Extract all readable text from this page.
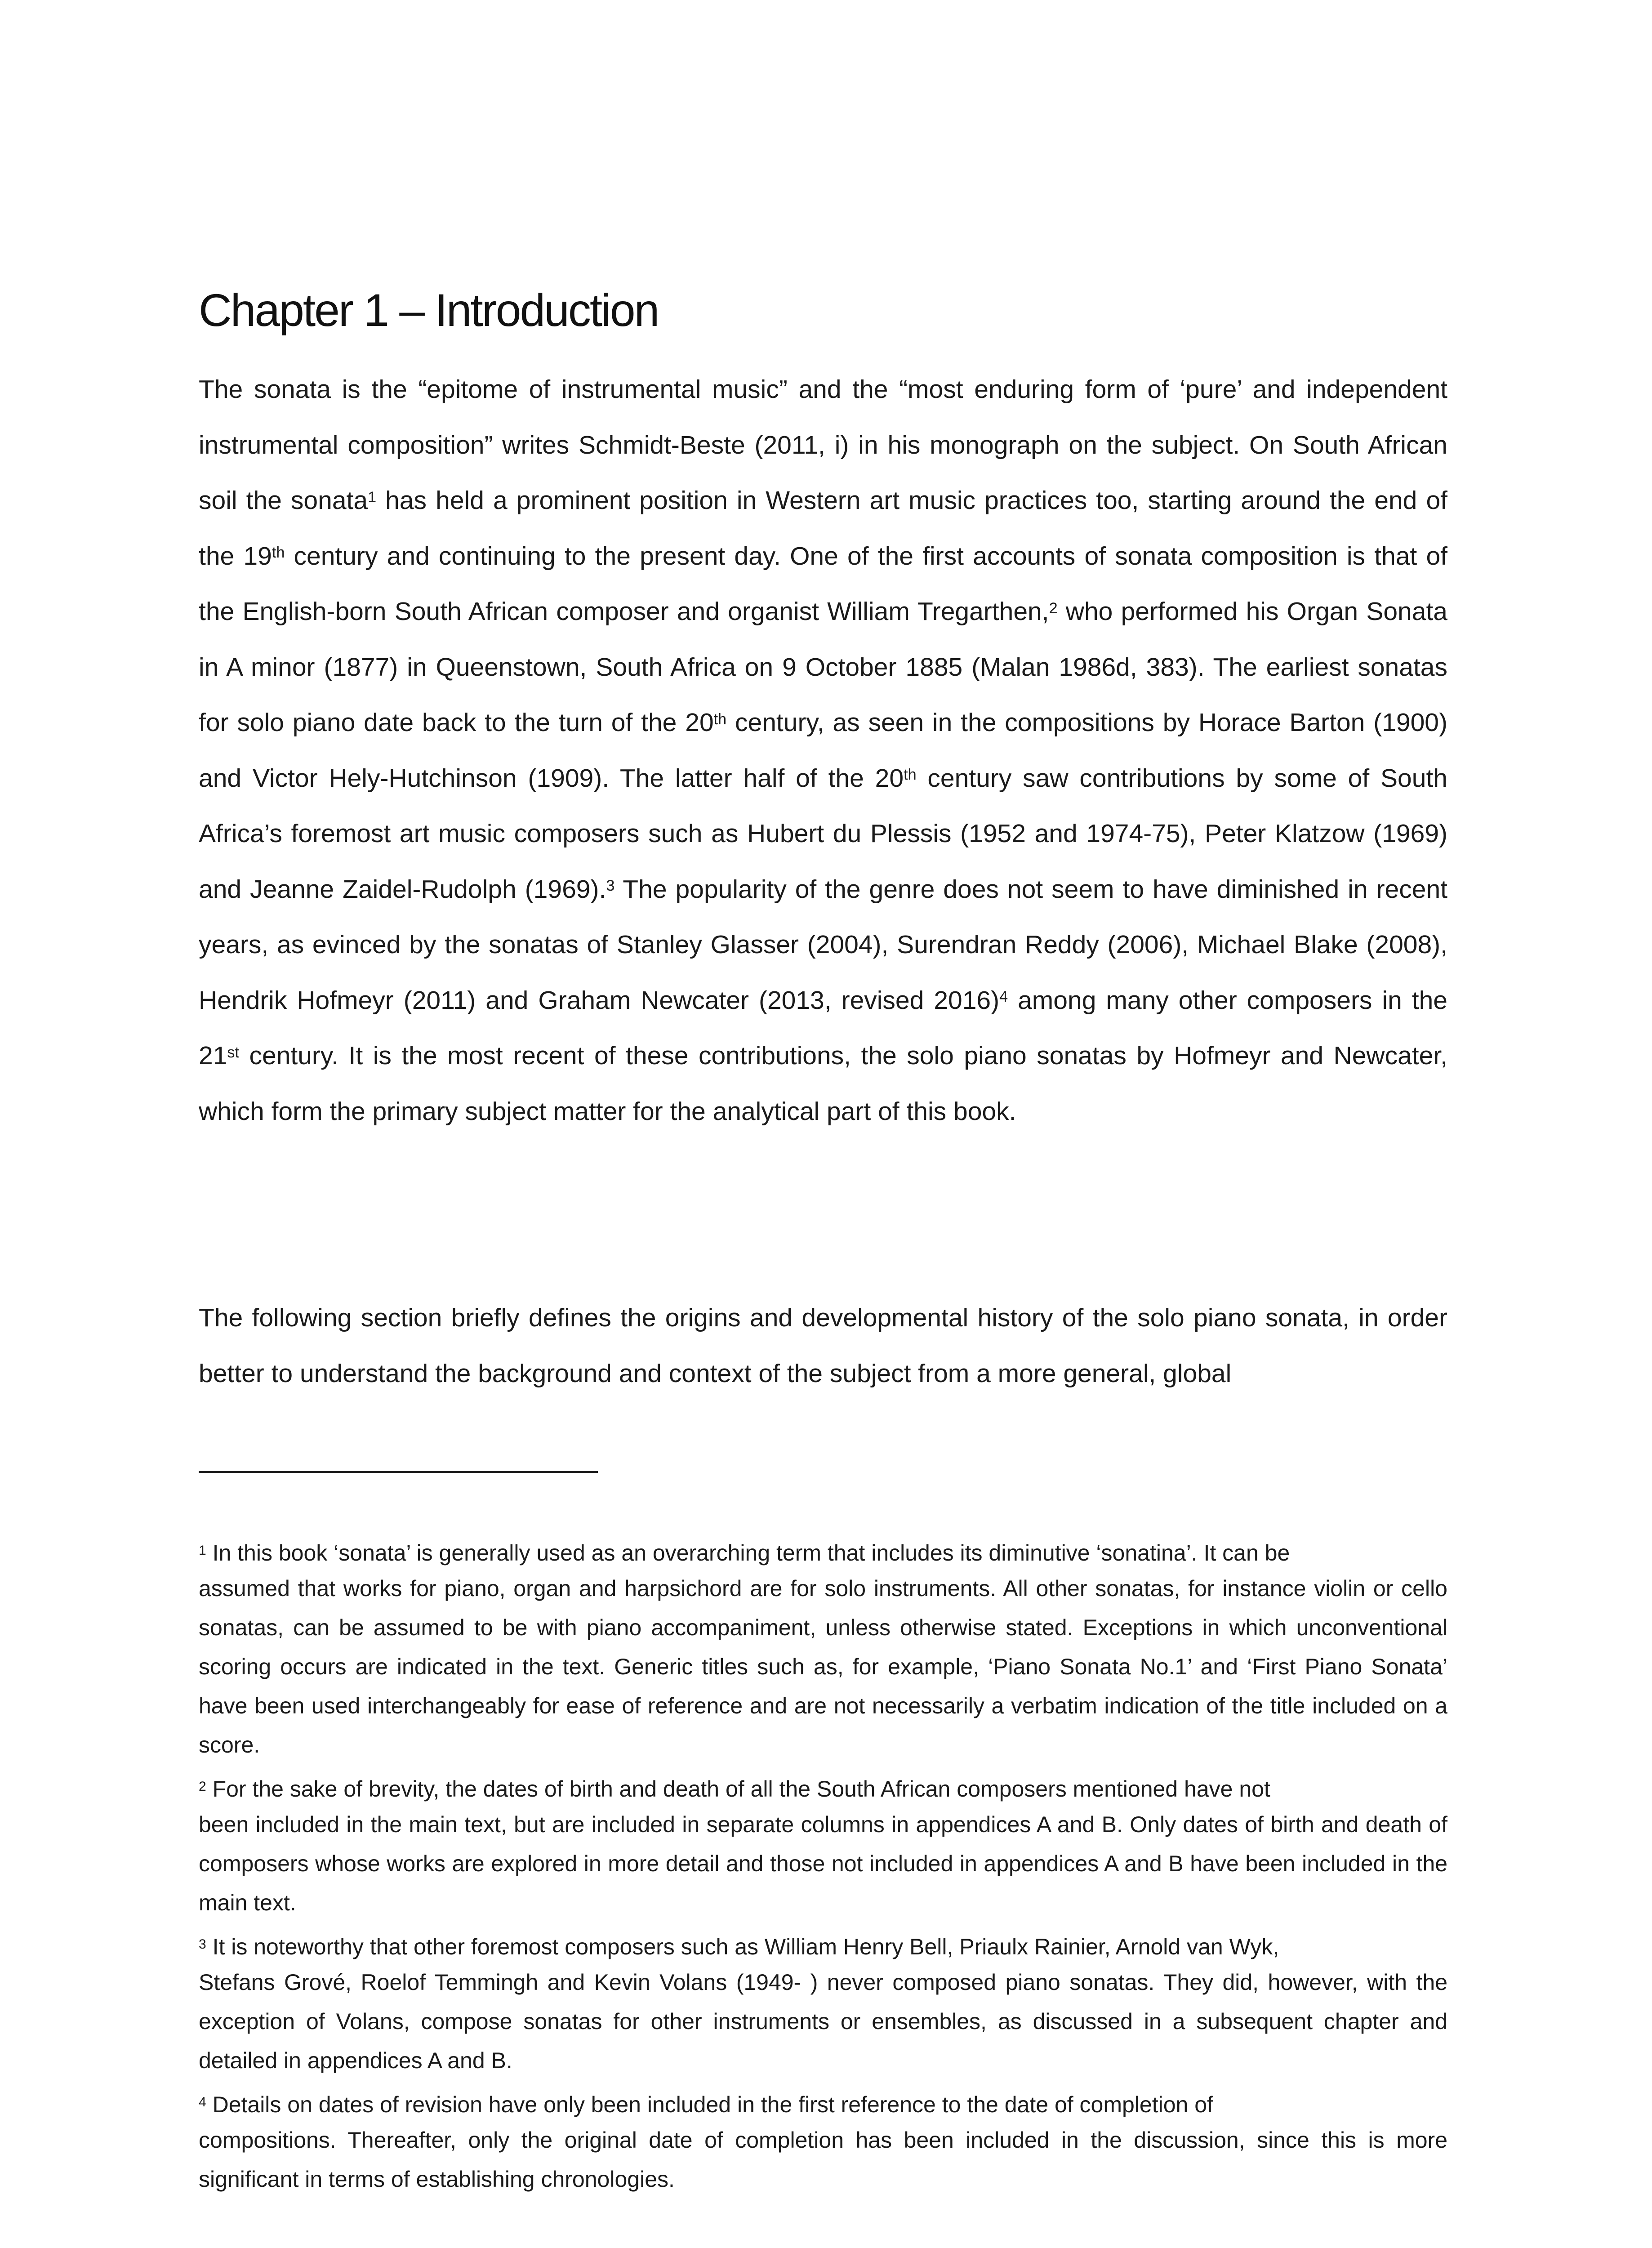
Chapter 1 – Introduction

The sonata is the “epitome of instrumental music” and the “most enduring form of ‘pure’ and independent instrumental composition” writes Schmidt-Beste (2011, i) in his monograph on the subject. On South African soil the sonata$^1$ has held a prominent position in Western art music practices too, starting around the end of the 19th century and continuing to the present day. One of the first accounts of sonata composition is that of the English-born South African composer and organist William Tregarthen,$^2$ who performed his Organ Sonata in A minor (1877) in Queenstown, South Africa on 9 October 1885 (Malan 1986d, 383). The earliest sonatas for solo piano date back to the turn of the 20th century, as seen in the compositions by Horace Barton (1900) and Victor Hely-Hutchinson (1909). The latter half of the 20th century saw contributions by some of South Africa’s foremost art music composers such as Hubert du Plessis (1952 and 1974-75), Peter Klatzow (1969) and Jeanne Zaidel-Rudolph (1969).$^3$ The popularity of the genre does not seem to have diminished in recent years, as evinced by the sonatas of Stanley Glasser (2004), Surendran Reddy (2006), Michael Blake (2008), Hendrik Hofmeyr (2011) and Graham Newcater (2013, revised 2016)$^4$ among many other composers in the 21st century. It is the most recent of these contributions, the solo piano sonatas by Hofmeyr and Newcater, which form the primary subject matter for the analytical part of this book.

The following section briefly defines the origins and developmental history of the solo piano sonata, in order better to understand the background and context of the subject from a more general, global

$^1$ In this book ‘sonata’ is generally used as an overarching term that includes its diminutive ‘sonatina’. It can be
assumed that works for piano, organ and harpsichord are for solo instruments. All other sonatas, for instance violin or cello sonatas, can be assumed to be with piano accompaniment, unless otherwise stated. Exceptions in which unconventional scoring occurs are indicated in the text. Generic titles such as, for example, ‘Piano Sonata No.1’ and ‘First Piano Sonata’ have been used interchangeably for ease of reference and are not necessarily a verbatim indication of the title included on a score.

$^2$ For the sake of brevity, the dates of birth and death of all the South African composers mentioned have not
been included in the main text, but are included in separate columns in appendices A and B. Only dates of birth and death of composers whose works are explored in more detail and those not included in appendices A and B have been included in the main text.

$^3$ It is noteworthy that other foremost composers such as William Henry Bell, Priaulx Rainier, Arnold van Wyk,
Stefans Grové, Roelof Temmingh and Kevin Volans (1949- ) never composed piano sonatas. They did, however, with the exception of Volans, compose sonatas for other instruments or ensembles, as discussed in a subsequent chapter and detailed in appendices A and B.

$^4$ Details on dates of revision have only been included in the first reference to the date of completion of
compositions. Thereafter, only the original date of completion has been included in the discussion, since this is more significant in terms of establishing chronologies.
